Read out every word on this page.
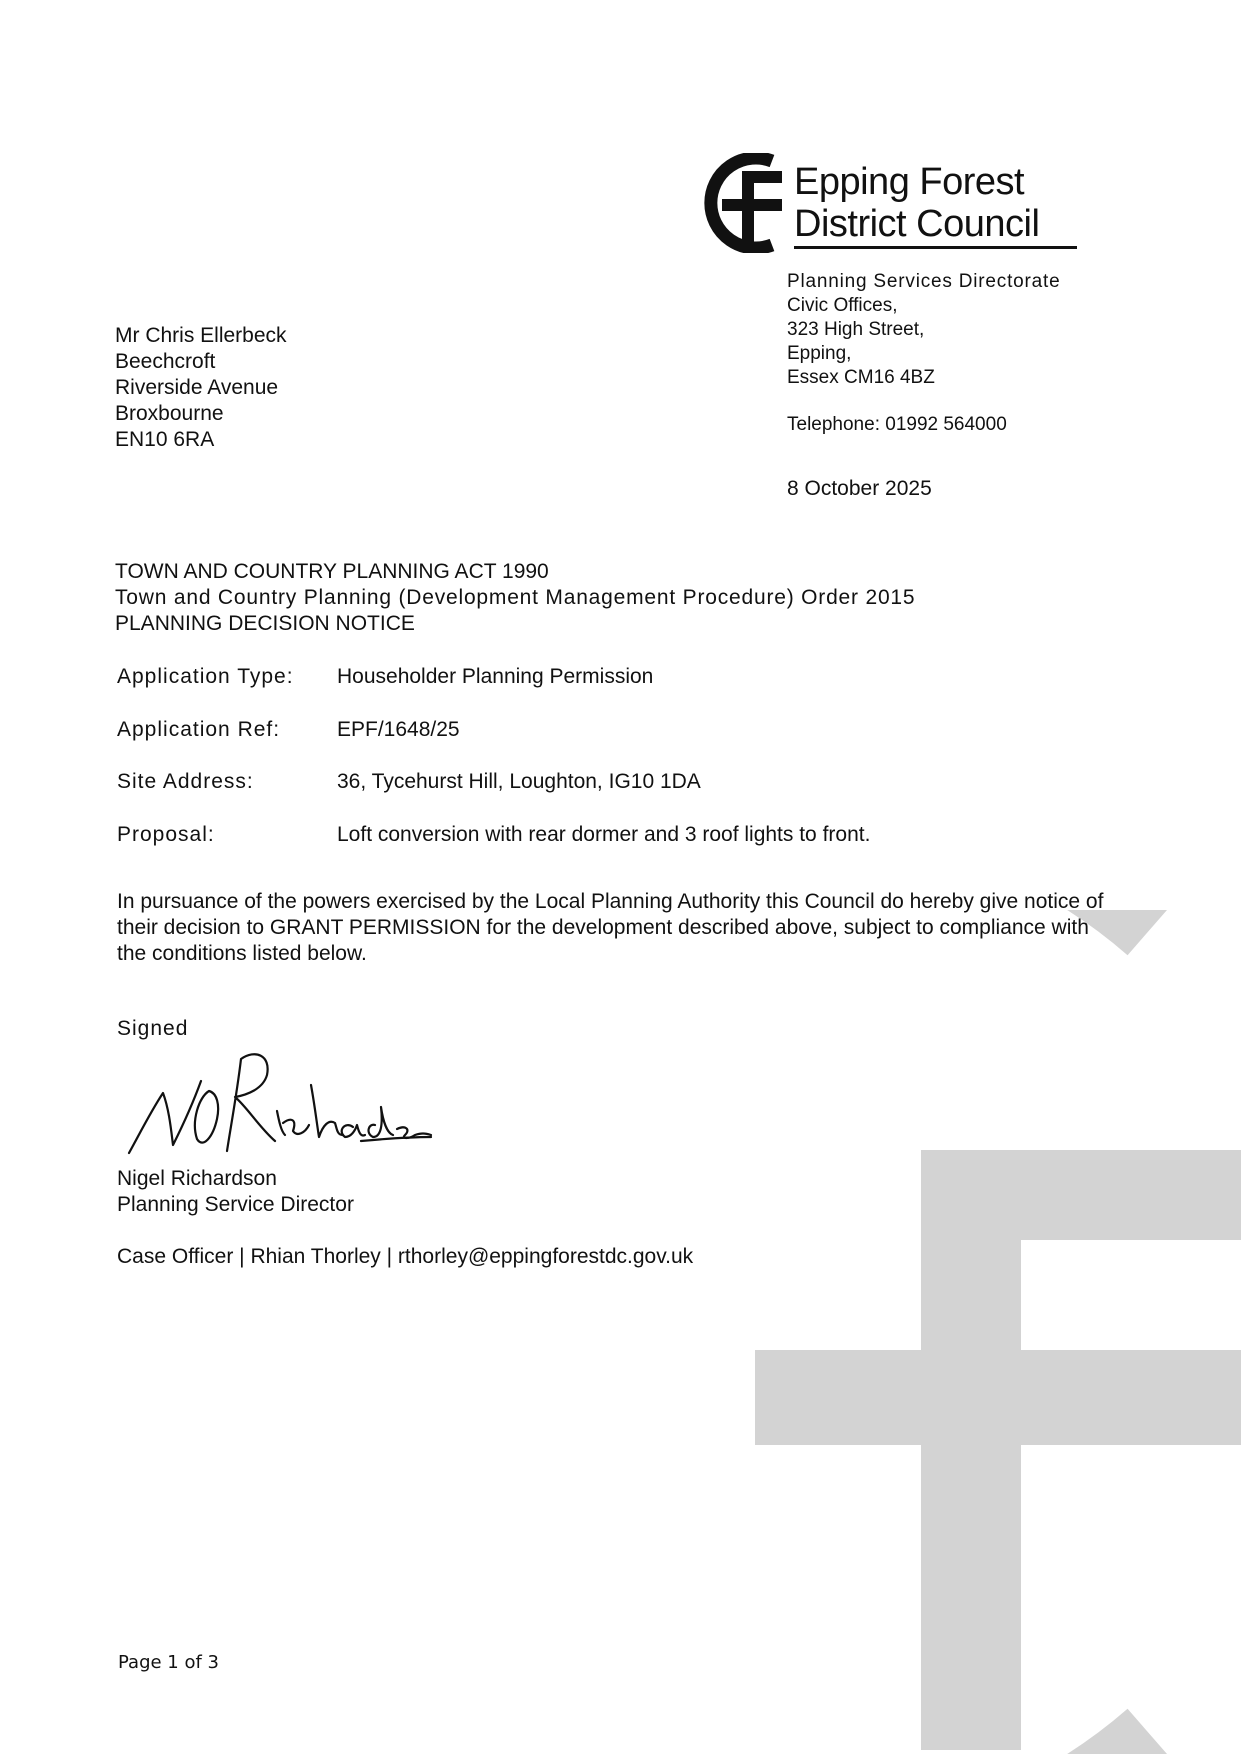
Epping Forest
District Council
Planning Services Directorate
Civic Offices,
323 High Street,
Epping,
Essex CM16 4BZ
Telephone: 01992 564000
8 October 2025
Mr Chris Ellerbeck
Beechcroft
Riverside Avenue
Broxbourne
EN10 6RA
TOWN AND COUNTRY PLANNING ACT 1990
Town and Country Planning (Development Management Procedure) Order 2015
PLANNING DECISION NOTICE
Application Type: Householder Planning Permission
Application Ref:	EPF/1648/25
Site Address:	36, Tycehurst Hill, Loughton, IG10 1DA
Proposal:	Loft conversion with rear dormer and 3 roof lights to front.
In pursuance of the powers exercised by the Local Planning Authority this Council do hereby give notice of their decision to GRANT PERMISSION for the development described above, subject to compliance with the conditions listed below.
Signed
Nigel Richardson
Planning Service Director
Case Officer | Rhian Thorley | rthorley@eppingforestdc.gov.uk
Page 1 of 3
